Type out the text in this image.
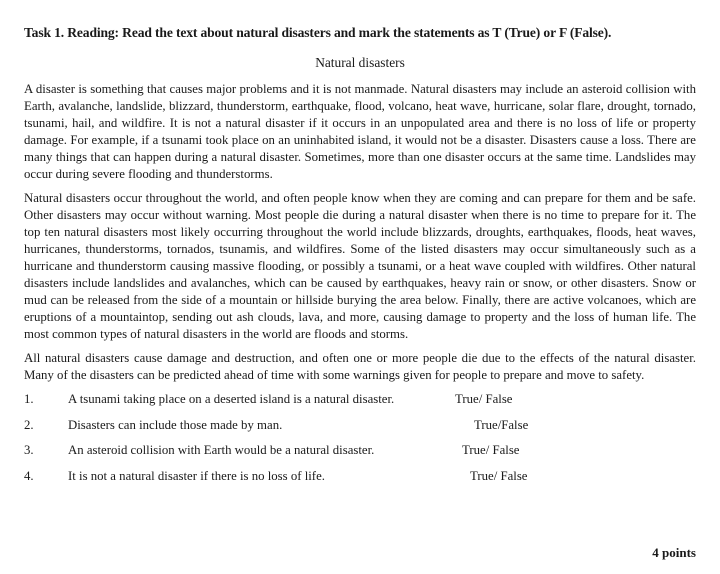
Task 1. Reading: Read the text about natural disasters and mark the statements as T (True) or F (False).

Natural disasters

A disaster is something that causes major problems and it is not manmade. Natural disasters may include an asteroid collision with Earth, avalanche, landslide, blizzard, thunderstorm, earthquake, flood, volcano, heat wave, hurricane, solar flare, drought, tornado, tsunami, hail, and wildfire. It is not a natural disaster if it occurs in an unpopulated area and there is no loss of life or property damage. For example, if a tsunami took place on an uninhabited island, it would not be a disaster. Disasters cause a loss. There are many things that can happen during a natural disaster. Sometimes, more than one disaster occurs at the same time. Landslides may occur during severe flooding and thunderstorms.

Natural disasters occur throughout the world, and often people know when they are coming and can prepare for them and be safe. Other disasters may occur without warning. Most people die during a natural disaster when there is no time to prepare for it. The top ten natural disasters most likely occurring throughout the world include blizzards, droughts, earthquakes, floods, heat waves, hurricanes, thunderstorms, tornados, tsunamis, and wildfires. Some of the listed disasters may occur simultaneously such as a hurricane and thunderstorm causing massive flooding, or possibly a tsunami, or a heat wave coupled with wildfires. Other natural disasters include landslides and avalanches, which can be caused by earthquakes, heavy rain or snow, or other disasters. Snow or mud can be released from the side of a mountain or hillside burying the area below. Finally, there are active volcanoes, which are eruptions of a mountaintop, sending out ash clouds, lava, and more, causing damage to property and the loss of human life. The most common types of natural disasters in the world are floods and storms.

All natural disasters cause damage and destruction, and often one or more people die due to the effects of the natural disaster. Many of the disasters can be predicted ahead of time with some warnings given for people to prepare and move to safety.

1.	A tsunami taking place on a deserted island is a natural disaster.	True/ False
2.	Disasters can include those made by man.	True/False
3.	An asteroid collision with Earth would be a natural disaster.	True/ False
4.	It is not a natural disaster if there is no loss of life.	True/ False
4 points
